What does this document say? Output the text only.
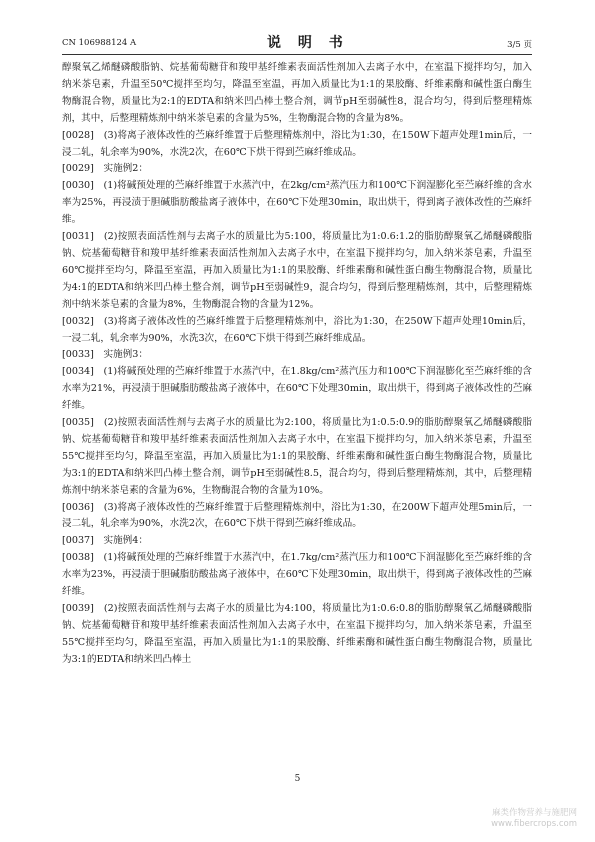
CN 106988124 A	说 明 书	3/5 页

醇聚氧乙烯醚磷酸脂钠、烷基葡萄糖苷和羧甲基纤维素表面活性剂加入去离子水中，在室温下搅拌均匀，加入纳米茶皂素，升温至50℃搅拌至均匀，降温至室温，再加入质量比为1:1的果胶酶、纤维素酶和碱性蛋白酶生物酶混合物，质量比为2:1的EDTA和纳米凹凸棒土整合剂，调节pH至弱碱性8，混合均匀，得到后整理精炼剂，其中，后整理精炼剂中纳米茶皂素的含量为5%，生物酶混合物的含量为8%。

[0028]　(3)将离子液体改性的苎麻纤维置于后整理精炼剂中，浴比为1:30，在150W下超声处理1min后，一浸二轧，轧余率为90%，水洗2次，在60℃下烘干得到苎麻纤维成品。

[0029]　实施例2：

[0030]　(1)将碱预处理的苎麻纤维置于水蒸汽中，在2kg/cm²蒸汽压力和100℃下润湿膨化至苎麻纤维的含水率为25%，再浸渍于胆碱脂肪酸盐离子液体中，在60℃下处理30min，取出烘干，得到离子液体改性的苎麻纤维。

[0031]　(2)按照表面活性剂与去离子水的质量比为5:100，将质量比为1:0.6:1.2的脂肪醇聚氧乙烯醚磷酸脂钠、烷基葡萄糖苷和羧甲基纤维素表面活性剂加入去离子水中，在室温下搅拌均匀，加入纳米茶皂素，升温至60℃搅拌至均匀，降温至室温，再加入质量比为1:1的果胶酶、纤维素酶和碱性蛋白酶生物酶混合物，质量比为4:1的EDTA和纳米凹凸棒土整合剂，调节pH至弱碱性9，混合均匀，得到后整理精炼剂，其中，后整理精炼剂中纳米茶皂素的含量为8%，生物酶混合物的含量为12%。

[0032]　(3)将离子液体改性的苎麻纤维置于后整理精炼剂中，浴比为1:30，在250W下超声处理10min后，一浸二轧，轧余率为90%，水洗3次，在60℃下烘干得到苎麻纤维成品。

[0033]　实施例3：

[0034]　(1)将碱预处理的苎麻纤维置于水蒸汽中，在1.8kg/cm²蒸汽压力和100℃下润湿膨化至苎麻纤维的含水率为21%，再浸渍于胆碱脂肪酸盐离子液体中，在60℃下处理30min，取出烘干，得到离子液体改性的苎麻纤维。

[0035]　(2)按照表面活性剂与去离子水的质量比为2:100，将质量比为1:0.5:0.9的脂肪醇聚氧乙烯醚磷酸脂钠、烷基葡萄糖苷和羧甲基纤维素表面活性剂加入去离子水中，在室温下搅拌均匀，加入纳米茶皂素，升温至55℃搅拌至均匀，降温至室温，再加入质量比为1:1的果胶酶、纤维素酶和碱性蛋白酶生物酶混合物，质量比为3:1的EDTA和纳米凹凸棒土整合剂，调节pH至弱碱性8.5，混合均匀，得到后整理精炼剂，其中，后整理精炼剂中纳米茶皂素的含量为6%，生物酶混合物的含量为10%。

[0036]　(3)将离子液体改性的苎麻纤维置于后整理精炼剂中，浴比为1:30，在200W下超声处理5min后，一浸二轧，轧余率为90%，水洗2次，在60℃下烘干得到苎麻纤维成品。

[0037]　实施例4：

[0038]　(1)将碱预处理的苎麻纤维置于水蒸汽中，在1.7kg/cm²蒸汽压力和100℃下润湿膨化至苎麻纤维的含水率为23%，再浸渍于胆碱脂肪酸盐离子液体中，在60℃下处理30min，取出烘干，得到离子液体改性的苎麻纤维。

[0039]　(2)按照表面活性剂与去离子水的质量比为4:100，将质量比为1:0.6:0.8的脂肪醇聚氧乙烯醚磷酸脂钠、烷基葡萄糖苷和羧甲基纤维素表面活性剂加入去离子水中，在室温下搅拌均匀，加入纳米茶皂素，升温至55℃搅拌至均匀，降温至室温，再加入质量比为1:1的果胶酶、纤维素酶和碱性蛋白酶生物酶混合物，质量比为3:1的EDTA和纳米凹凸棒土

5
麻类作物营养与施肥网
www.fibercrops.com
